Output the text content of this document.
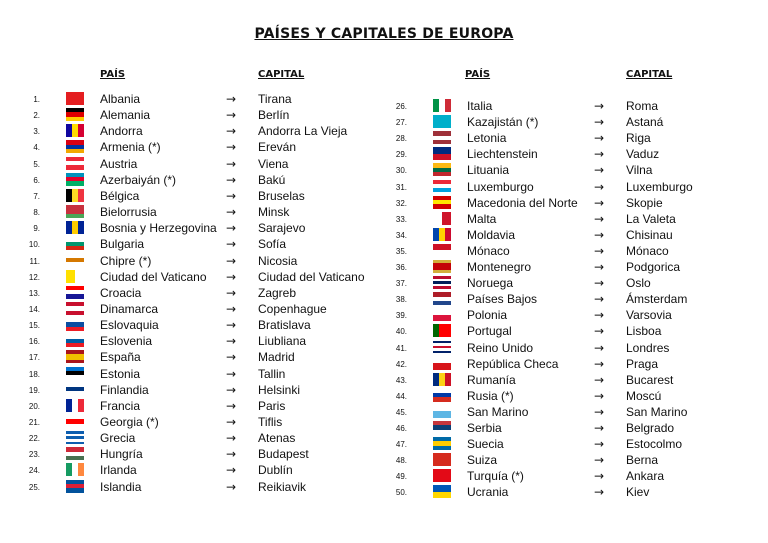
PAÍSES Y CAPITALES DE EUROPA
PAÍS	CAPITAL	PAÍS	CAPITAL
1.	Albania	→ Tirana
2.	Alemania	→ Berlín
3.	Andorra	→ Andorra La Vieja
4.	Armenia (*)	→ Ereván
5.	Austria	→ Viena
6.	Azerbaiyán (*)	→ Bakú
7.	Bélgica	→ Bruselas
8.	Bielorrusia	→ Minsk
9.	Bosnia y Herzegovina → Sarajevo
10.	Bulgaria	→ Sofía
11.	Chipre (*)	→ Nicosia
12.	Ciudad del Vaticano → Ciudad del Vaticano
13.	Croacia	→ Zagreb
14.	Dinamarca	→ Copenhague
15.	Eslovaquia	→ Bratislava
16.	Eslovenia	→ Liubliana
17.	España	→ Madrid
18.	Estonia	→ Tallin
19.	Finlandia	→ Helsinki
20.	Francia	→ Paris
21.	Georgia (*)	→ Tiflis
22.	Grecia	→ Atenas
23.	Hungría	→ Budapest
24.	Irlanda	→ Dublín
25.	Islandia	→ Reikiavik
26.	Italia	→ Roma
27.	Kazajistán (*)	→ Astaná
28.	Letonia	→ Riga
29.	Liechtenstein	→ Vaduz
30.	Lituania	→ Vilna
31.	Luxemburgo	→ Luxemburgo
32.	Macedonia del Norte → Skopie
33.	Malta	→ La Valeta
34.	Moldavia	→ Chisinau
35.	Mónaco	→ Mónaco
36.	Montenegro	→ Podgorica
37.	Noruega	→ Oslo
38.	Países Bajos	→ Ámsterdam
39.	Polonia	→ Varsovia
40.	Portugal	→ Lisboa
41.	Reino Unido	→ Londres
42.	República Checa	→ Praga
43.	Rumanía	→ Bucarest
44.	Rusia (*)	→ Moscú
45.	San Marino	→ San Marino
46.	Serbia	→ Belgrado
47.	Suecia	→ Estocolmo
48.	Suiza	→ Berna
49.	Turquía (*)	→ Ankara
50.	Ucrania	→ Kiev
